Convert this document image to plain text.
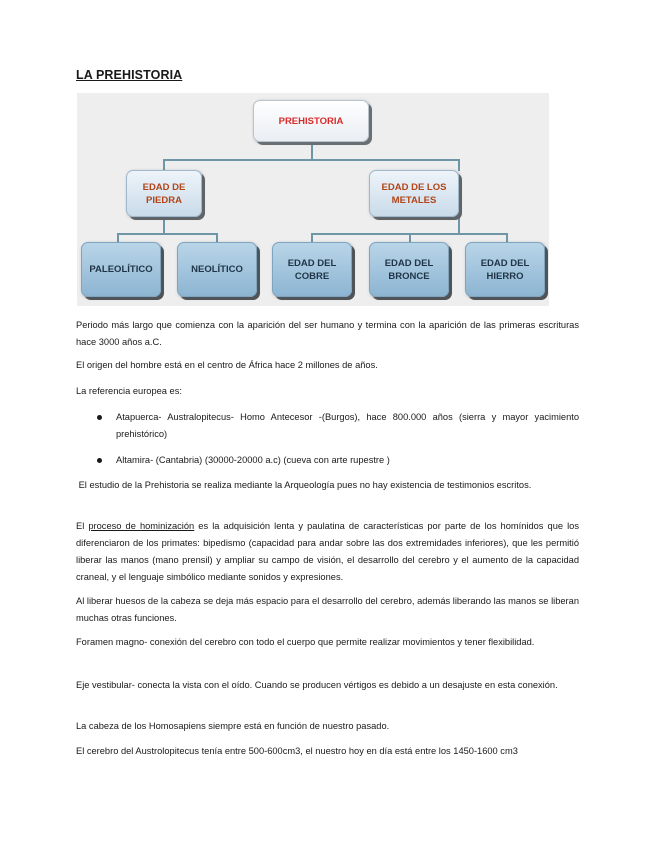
LA PREHISTORIA
PREHISTORIA
EDAD DE
PIEDRA
EDAD DE LOS
METALES
PALEOLÍTICO	NEOLÍTICO
EDAD DEL
COBRE
EDAD DEL
BRONCE
EDAD DEL
HIERRO

Periodo más largo que comienza con la aparición del ser humano y termina con la aparición de las primeras escrituras hace 3000 años a.C.

El origen del hombre está en el centro de África hace 2 millones de años.

La referencia europea es:

Atapuerca- Australopitecus- Homo Antecesor -(Burgos), hace 800.000 años (sierra y mayor yacimiento prehistórico)

Altamira- (Cantabria) (30000-20000 a.c) (cueva con arte rupestre )

El estudio de la Prehistoria se realiza mediante la Arqueología pues no hay existencia de testimonios escritos.

El proceso de hominización es la adquisición lenta y paulatina de características por parte de los homínidos que los diferenciaron de los primates: bipedismo (capacidad para andar sobre las dos extremidades inferiores), que les permitió liberar las manos (mano prensil) y ampliar su campo de visión, el desarrollo del cerebro y el aumento de la capacidad craneal, y el lenguaje simbólico mediante sonidos y expresiones.

Al liberar huesos de la cabeza se deja más espacio para el desarrollo del cerebro, además liberando las manos se liberan muchas otras funciones.

Foramen magno- conexión del cerebro con todo el cuerpo que permite realizar movimientos y tener flexibilidad.

Eje vestibular- conecta la vista con el oído. Cuando se producen vértigos es debido a un desajuste en esta conexión.

La cabeza de los Homosapiens siempre está en función de nuestro pasado.

El cerebro del Austrolopitecus tenía entre 500-600cm3, el nuestro hoy en día está entre los 1450-1600 cm3
